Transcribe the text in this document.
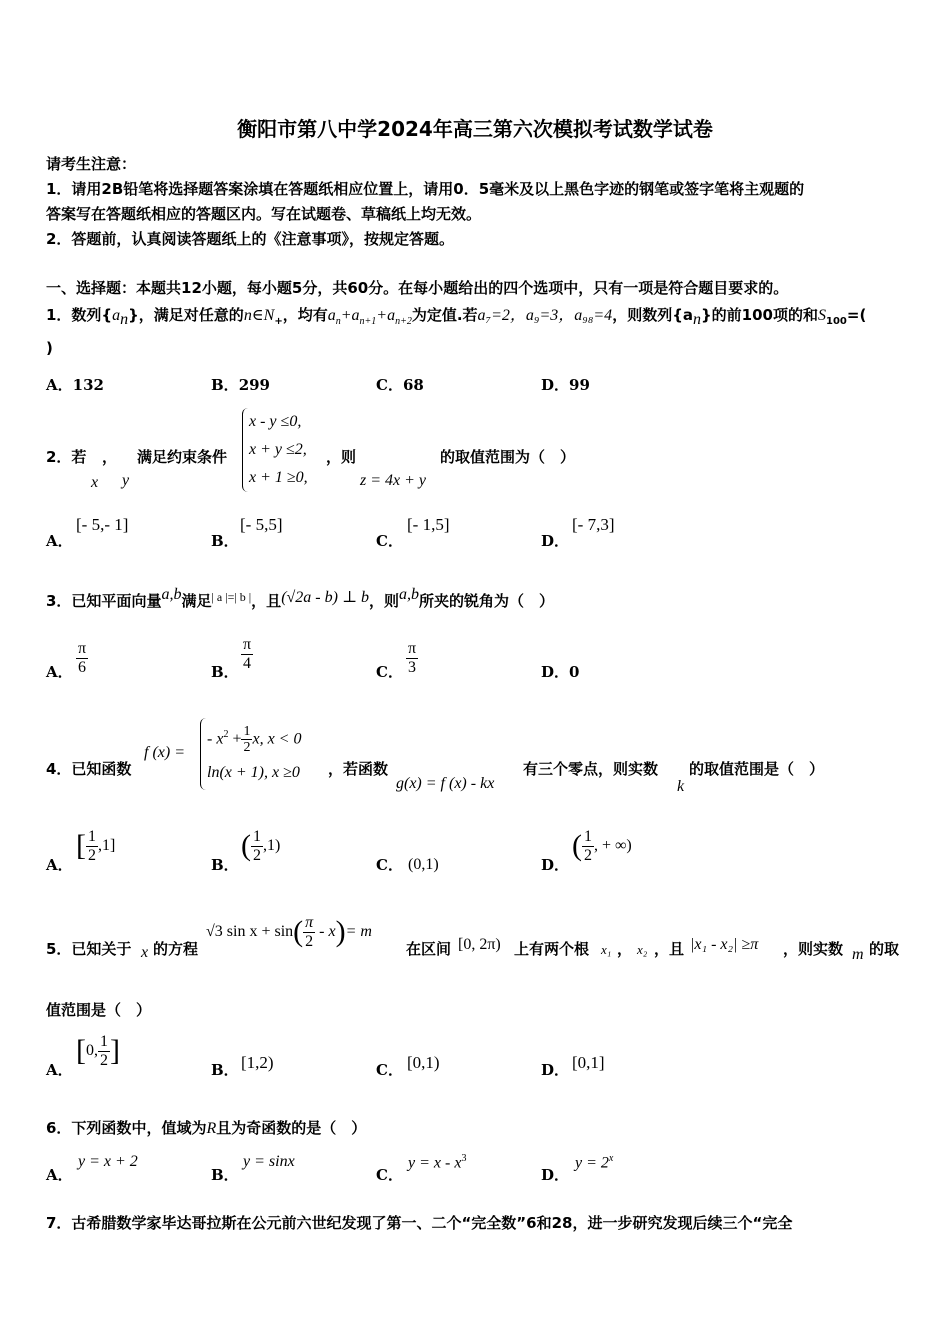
衡阳市第八中学2024年高三第六次模拟考试数学试卷
请考生注意：
1．请用2B铅笔将选择题答案涂填在答题纸相应位置上，请用0．5毫米及以上黑色字迹的钢笔或签字笔将主观题的
答案写在答题纸相应的答题区内。写在试题卷、草稿纸上均无效。
2．答题前，认真阅读答题纸上的《注意事项》，按规定答题。
一、选择题：本题共12小题，每小题5分，共60分。在每小题给出的四个选项中，只有一项是符合题目要求的。
1．数列$\{a_n\}$，满足对任意的$n\in N_+$，均有$a_n+a_{n+1}+a_{n+2}$为定值.若a₇=2，a₉=3，a₉₈=4，则数列$\{a_n\}$的前100项的和$S_{100}=$(
)
A．132	B．299	C．68	D．99
2．若 ， 满足约束条件
x y
x - y ≤0,
x + y ≤2,
x + 1 ≥0,
，则
z = 4x + y
的取值范围为（　）
A．
[- 5,- 1]
B．
[- 5,5]
C．
[- 1,5]
D．
[- 7,3]
3．已知平面向量a,b满足$^{| a |=| b |}$，且(√2a - b) ⊥ b，则a,b所夹的锐角为（　）
A． $\frac{\pi}{6}$	B． $\frac{\pi}{4}$	C． $\frac{\pi}{3}$	D．0
4．已知函数
f (x) =
- $x^2 + \frac{1}{2} x$, x < 0
ln(x + 1), x ≥0 ，若函数
g(x) = f (x) - kx
有三个零点，则实数
k
的取值范围是（　）
A．
[ $\frac{1}{2} ,1$]
B．
( $\frac{1}{2} ,1$)
C． (0,1)	D．
( $\frac{1}{2}$ , + ∞)
5．已知关于 x 的方程
√3 $\sin x + \sin( \frac{\pi}{2} - x)= m$
在区间 [0, 2π) 上有两个根 x₁ ， x₂ ，且 |x₁ - x₂| ≥π ，则实数 m 的取
值范围是（　）
A．
[0, $\frac{1}{2}$ ]
B． [1,2)	C． [0,1)	D． [0,1]
6．下列函数中，值域为R且为奇函数的是（　）
A．
y = x + 2
B．
y = sinx
C．
$y = x - x^3$
D．
$y = 2^x$
7．古希腊数学家毕达哥拉斯在公元前六世纪发现了第一、二个“完全数”6和28，进一步研究发现后续三个“完全
